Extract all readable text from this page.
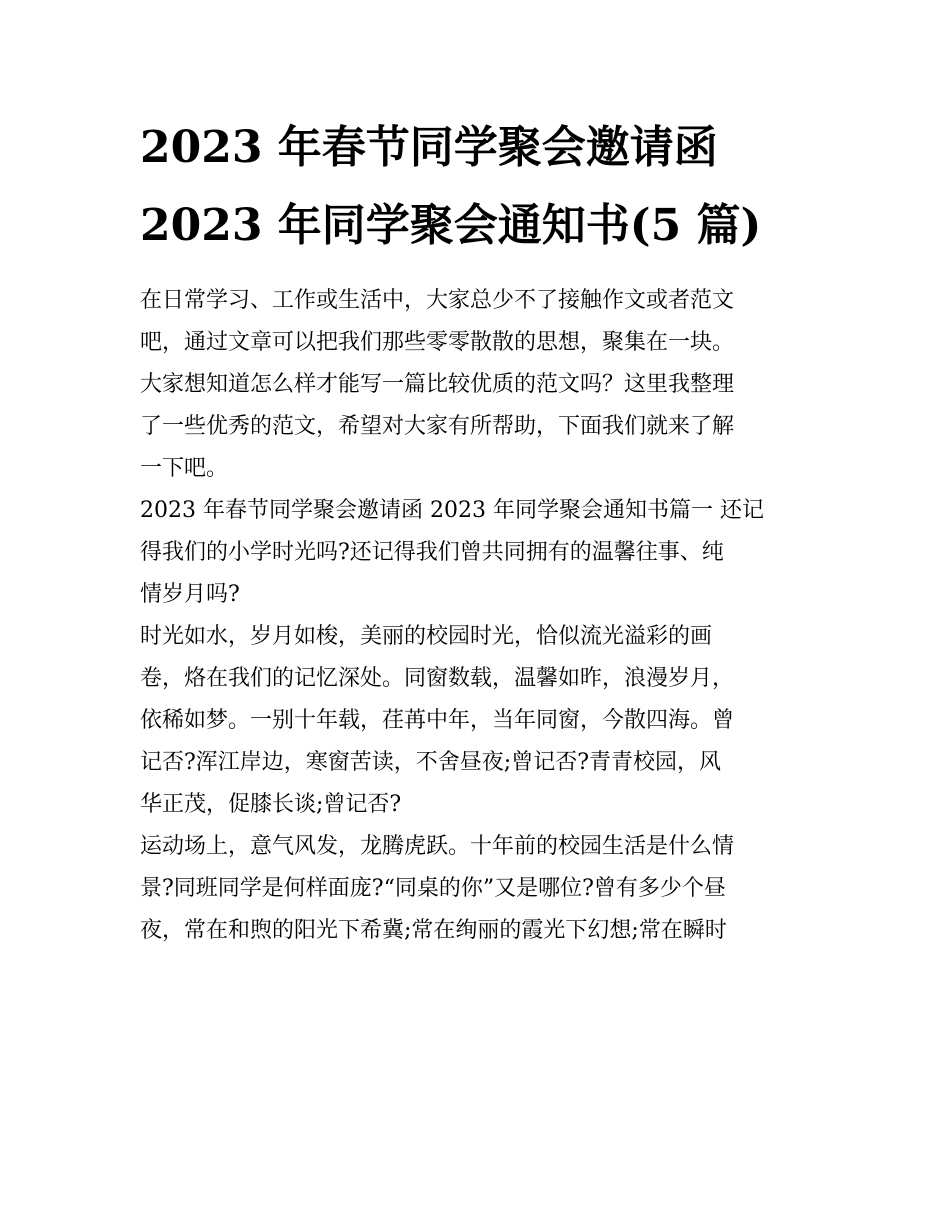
2023 年春节同学聚会邀请函
2023 年同学聚会通知书(5 篇)
在日常学习、工作或生活中，大家总少不了接触作文或者范文
吧，通过文章可以把我们那些零零散散的思想，聚集在一块。
大家想知道怎么样才能写一篇比较优质的范文吗？这里我整理
了一些优秀的范文，希望对大家有所帮助，下面我们就来了解
一下吧。
2023 年春节同学聚会邀请函 2023 年同学聚会通知书篇一 还记
得我们的小学时光吗?还记得我们曾共同拥有的温馨往事、纯
情岁月吗?
时光如水，岁月如梭，美丽的校园时光，恰似流光溢彩的画
卷，烙在我们的记忆深处。同窗数载，温馨如昨，浪漫岁月，
依稀如梦。一别十年载，荏苒中年，当年同窗，今散四海。曾
记否?浑江岸边，寒窗苦读，不舍昼夜;曾记否?青青校园，风
华正茂，促膝长谈;曾记否?
运动场上，意气风发，龙腾虎跃。十年前的校园生活是什么情
景?同班同学是何样面庞?“同桌的你”又是哪位?曾有多少个昼
夜，常在和煦的阳光下希冀;常在绚丽的霞光下幻想;常在瞬时
